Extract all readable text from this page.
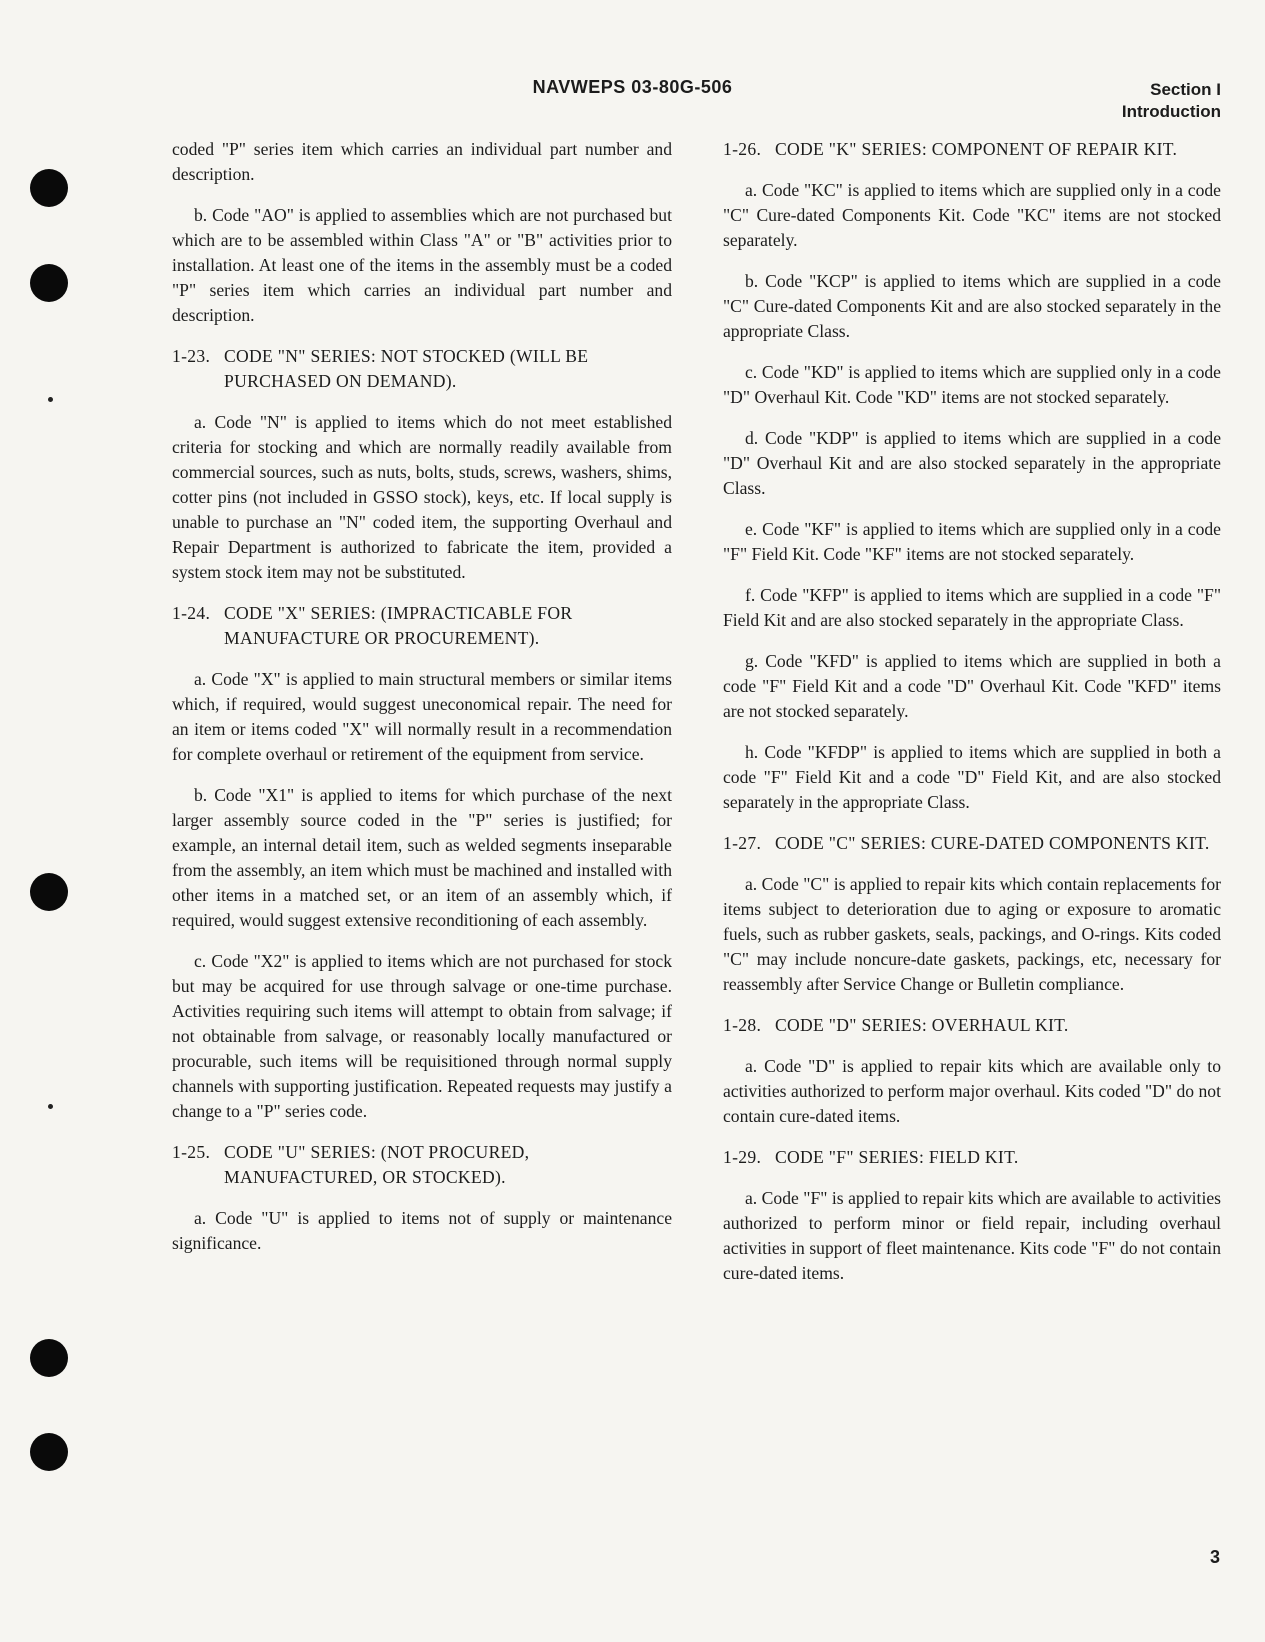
NAVWEPS 03-80G-506	Section I
Introduction

coded "P" series item which carries an individual part number and description.

b. Code "AO" is applied to assemblies which are not purchased but which are to be assembled within Class "A" or "B" activities prior to installation. At least one of the items in the assembly must be a coded "P" series item which carries an individual part number and description.

1-23. CODE "N" SERIES: NOT STOCKED (WILL BE PURCHASED ON DEMAND).

a. Code "N" is applied to items which do not meet established criteria for stocking and which are normally readily available from commercial sources, such as nuts, bolts, studs, screws, washers, shims, cotter pins (not included in GSSO stock), keys, etc. If local supply is unable to purchase an "N" coded item, the supporting Overhaul and Repair Department is authorized to fabricate the item, provided a system stock item may not be substituted.

1-24. CODE "X" SERIES: (IMPRACTICABLE FOR MANUFACTURE OR PROCUREMENT).

a. Code "X" is applied to main structural members or similar items which, if required, would suggest uneconomical repair. The need for an item or items coded "X" will normally result in a recommendation for complete overhaul or retirement of the equipment from service.

b. Code "X1" is applied to items for which purchase of the next larger assembly source coded in the "P" series is justified; for example, an internal detail item, such as welded segments inseparable from the assembly, an item which must be machined and installed with other items in a matched set, or an item of an assembly which, if required, would suggest extensive reconditioning of each assembly.

c. Code "X2" is applied to items which are not purchased for stock but may be acquired for use through salvage or one-time purchase. Activities requiring such items will attempt to obtain from salvage; if not obtainable from salvage, or reasonably locally manufactured or procurable, such items will be requisitioned through normal supply channels with supporting justification. Repeated requests may justify a change to a "P" series code.

1-25. CODE "U" SERIES: (NOT PROCURED, MANUFACTURED, OR STOCKED).

a. Code "U" is applied to items not of supply or maintenance significance.

1-26. CODE "K" SERIES: COMPONENT OF REPAIR KIT.

a. Code "KC" is applied to items which are supplied only in a code "C" Cure-dated Components Kit. Code "KC" items are not stocked separately.

b. Code "KCP" is applied to items which are supplied in a code "C" Cure-dated Components Kit and are also stocked separately in the appropriate Class.

c. Code "KD" is applied to items which are supplied only in a code "D" Overhaul Kit. Code "KD" items are not stocked separately.

d. Code "KDP" is applied to items which are supplied in a code "D" Overhaul Kit and are also stocked separately in the appropriate Class.

e. Code "KF" is applied to items which are supplied only in a code "F" Field Kit. Code "KF" items are not stocked separately.

f. Code "KFP" is applied to items which are supplied in a code "F" Field Kit and are also stocked separately in the appropriate Class.

g. Code "KFD" is applied to items which are supplied in both a code "F" Field Kit and a code "D" Overhaul Kit. Code "KFD" items are not stocked separately.

h. Code "KFDP" is applied to items which are supplied in both a code "F" Field Kit and a code "D" Field Kit, and are also stocked separately in the appropriate Class.

1-27. CODE "C" SERIES: CURE-DATED COMPONENTS KIT.

a. Code "C" is applied to repair kits which contain replacements for items subject to deterioration due to aging or exposure to aromatic fuels, such as rubber gaskets, seals, packings, and O-rings. Kits coded "C" may include noncure-date gaskets, packings, etc, necessary for reassembly after Service Change or Bulletin compliance.

1-28. CODE "D" SERIES: OVERHAUL KIT.

a. Code "D" is applied to repair kits which are available only to activities authorized to perform major overhaul. Kits coded "D" do not contain cure-dated items.

1-29. CODE "F" SERIES: FIELD KIT.

a. Code "F" is applied to repair kits which are available to activities authorized to perform minor or field repair, including overhaul activities in support of fleet maintenance. Kits code "F" do not contain cure-dated items.

3
